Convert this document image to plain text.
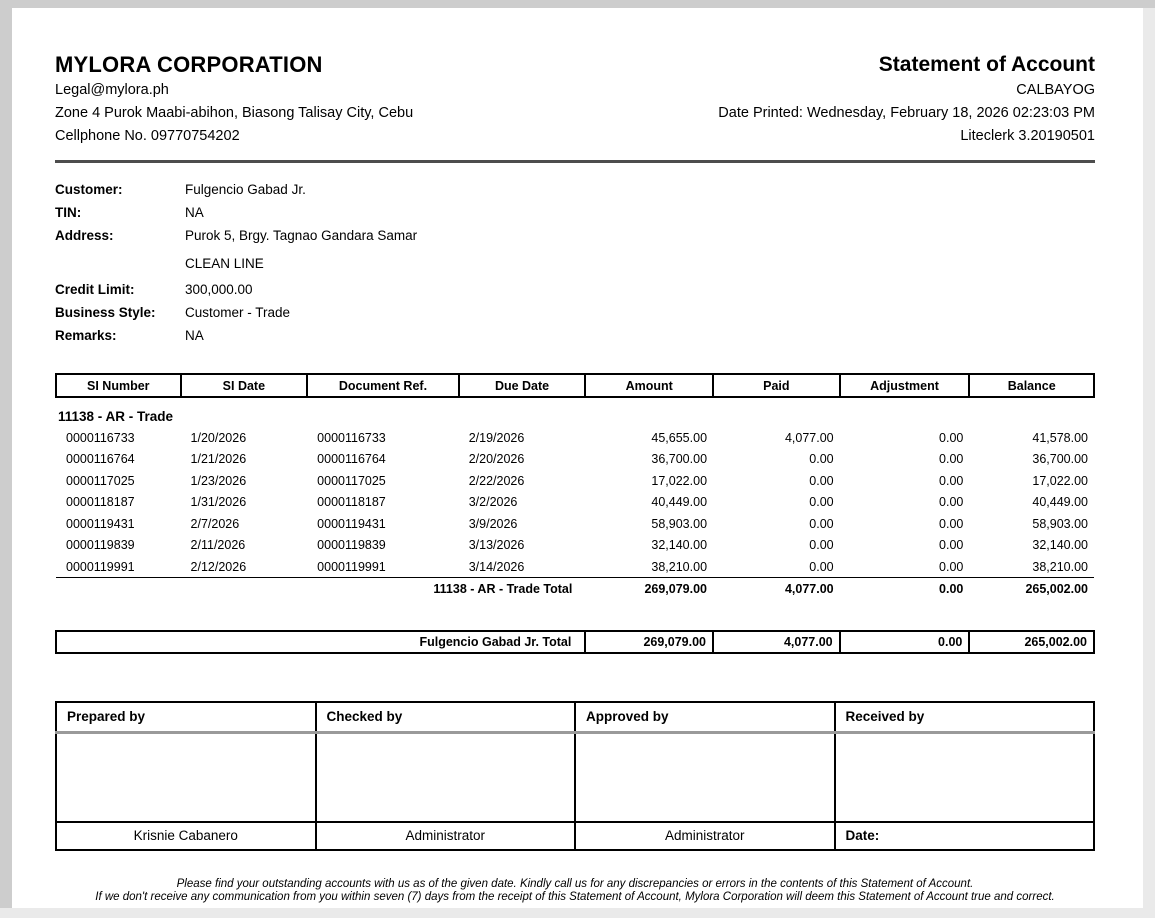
MYLORA CORPORATION
Legal@mylora.ph
Zone 4 Purok Maabi-abihon, Biasong Talisay City, Cebu
Cellphone No. 09770754202
Statement of Account
CALBAYOG
Date Printed: Wednesday, February 18, 2026 02:23:03 PM
Liteclerk 3.20190501
Customer:	Fulgencio Gabad Jr.
TIN:	NA
Address:	Purok 5, Brgy. Tagnao Gandara Samar
CLEAN LINE
Credit Limit:	300,000.00
Business Style:	Customer - Trade
Remarks:	NA
SI Number	SI Date	Document Ref.	Due Date	Amount	Paid	Adjustment	Balance
11138 - AR - Trade							
0000116733	1/20/2026	0000116733	2/19/2026	45,655.00	4,077.00	0.00	41,578.00
0000116764	1/21/2026	0000116764	2/20/2026	36,700.00	0.00	0.00	36,700.00
0000117025	1/23/2026	0000117025	2/22/2026	17,022.00	0.00	0.00	17,022.00
0000118187	1/31/2026	0000118187	3/2/2026	40,449.00	0.00	0.00	40,449.00
0000119431	2/7/2026	0000119431	3/9/2026	58,903.00	0.00	0.00	58,903.00
0000119839	2/11/2026	0000119839	3/13/2026	32,140.00	0.00	0.00	32,140.00
0000119991	2/12/2026	0000119991	3/14/2026	38,210.00	0.00	0.00	38,210.00
11138 - AR - Trade Total				269,079.00	4,077.00	0.00	265,002.00

Fulgencio Gabad Jr. Total				269,079.00	4,077.00	0.00	265,002.00
Prepared by	Checked by	Approved by	Received by

Krisnie Cabanero	Administrator	Administrator	Date:
Please find your outstanding accounts with us as of the given date. Kindly call us for any discrepancies or errors in the contents of this Statement of Account.
If we don't receive any communication from you within seven (7) days from the receipt of this Statement of Account, Mylora Corporation will deem this Statement of Account true and correct.
